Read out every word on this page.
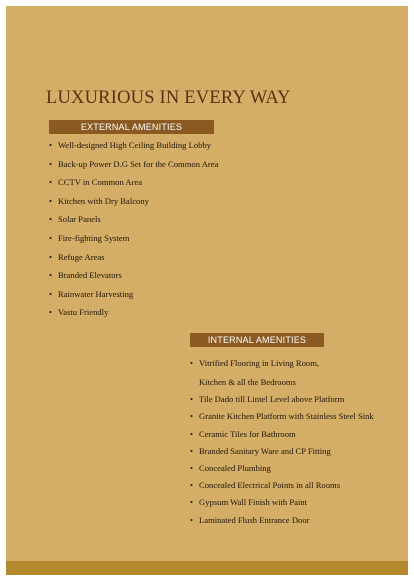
LUXURIOUS IN EVERY WAY
EXTERNAL AMENITIES
• Well-designed High Ceiling Building Lobby
• Back-up Power D.G Set for the Common Area
• CCTV in Common Area
• Kitchen with Dry Balcony
• Solar Panels
• Fire-fighting System
• Refuge Areas
• Branded Elevators
• Rainwater Harvesting
• Vastu Friendly
INTERNAL AMENITIES
• Vitrified Flooring in Living Room,
Kitchen & all the Bedrooms
• Tile Dado till Lintel Level above Platform
• Granite Kitchen Platform with Stainless Steel Sink
• Ceramic Tiles for Bathroom
• Branded Sanitary Ware and CP Fitting
• Concealed Plumbing
• Concealed Electrical Points in all Rooms
• Gypsum Wall Finish with Paint
• Laminated Flush Entrance Door
